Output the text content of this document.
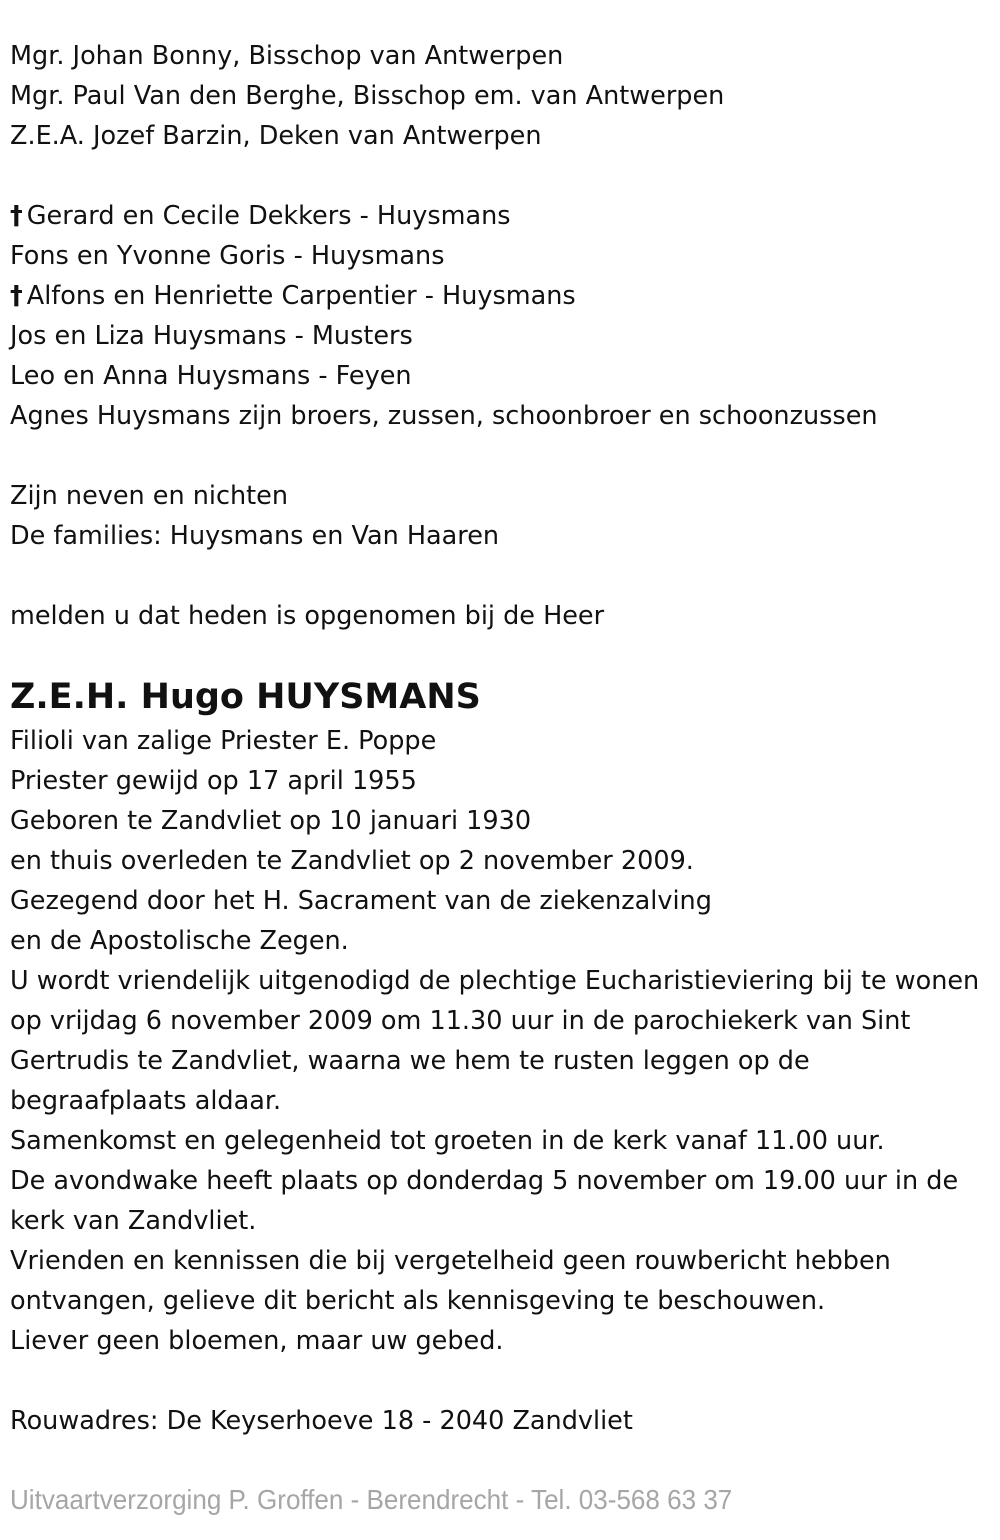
Mgr. Johan Bonny, Bisschop van Antwerpen
Mgr. Paul Van den Berghe, Bisschop em. van Antwerpen
Z.E.A. Jozef Barzin, Deken van Antwerpen
† Gerard en Cecile Dekkers - Huysmans
Fons en Yvonne Goris - Huysmans
† Alfons en Henriette Carpentier - Huysmans
Jos en Liza Huysmans - Musters
Leo en Anna Huysmans - Feyen
Agnes Huysmans zijn broers, zussen, schoonbroer en schoonzussen
Zijn neven en nichten
De families: Huysmans en Van Haaren
melden u dat heden is opgenomen bij de Heer
Z.E.H. Hugo HUYSMANS
Filioli van zalige Priester E. Poppe
Priester gewijd op 17 april 1955
Geboren te Zandvliet op 10 januari 1930
en thuis overleden te Zandvliet op 2 november 2009.
Gezegend door het H. Sacrament van de ziekenzalving
en de Apostolische Zegen.
U wordt vriendelijk uitgenodigd de plechtige Eucharistieviering bij te wonen op vrijdag 6 november 2009 om 11.30 uur in de parochiekerk van Sint Gertrudis te Zandvliet, waarna we hem te rusten leggen op de begraafplaats aldaar.
Samenkomst en gelegenheid tot groeten in de kerk vanaf 11.00 uur.
De avondwake heeft plaats op donderdag 5 november om 19.00 uur in de kerk van Zandvliet.
Vrienden en kennissen die bij vergetelheid geen rouwbericht hebben ontvangen, gelieve dit bericht als kennisgeving te beschouwen.
Liever geen bloemen, maar uw gebed.
Rouwadres: De Keyserhoeve 18 - 2040 Zandvliet
Uitvaartverzorging P. Groffen - Berendrecht - Tel. 03-568 63 37
